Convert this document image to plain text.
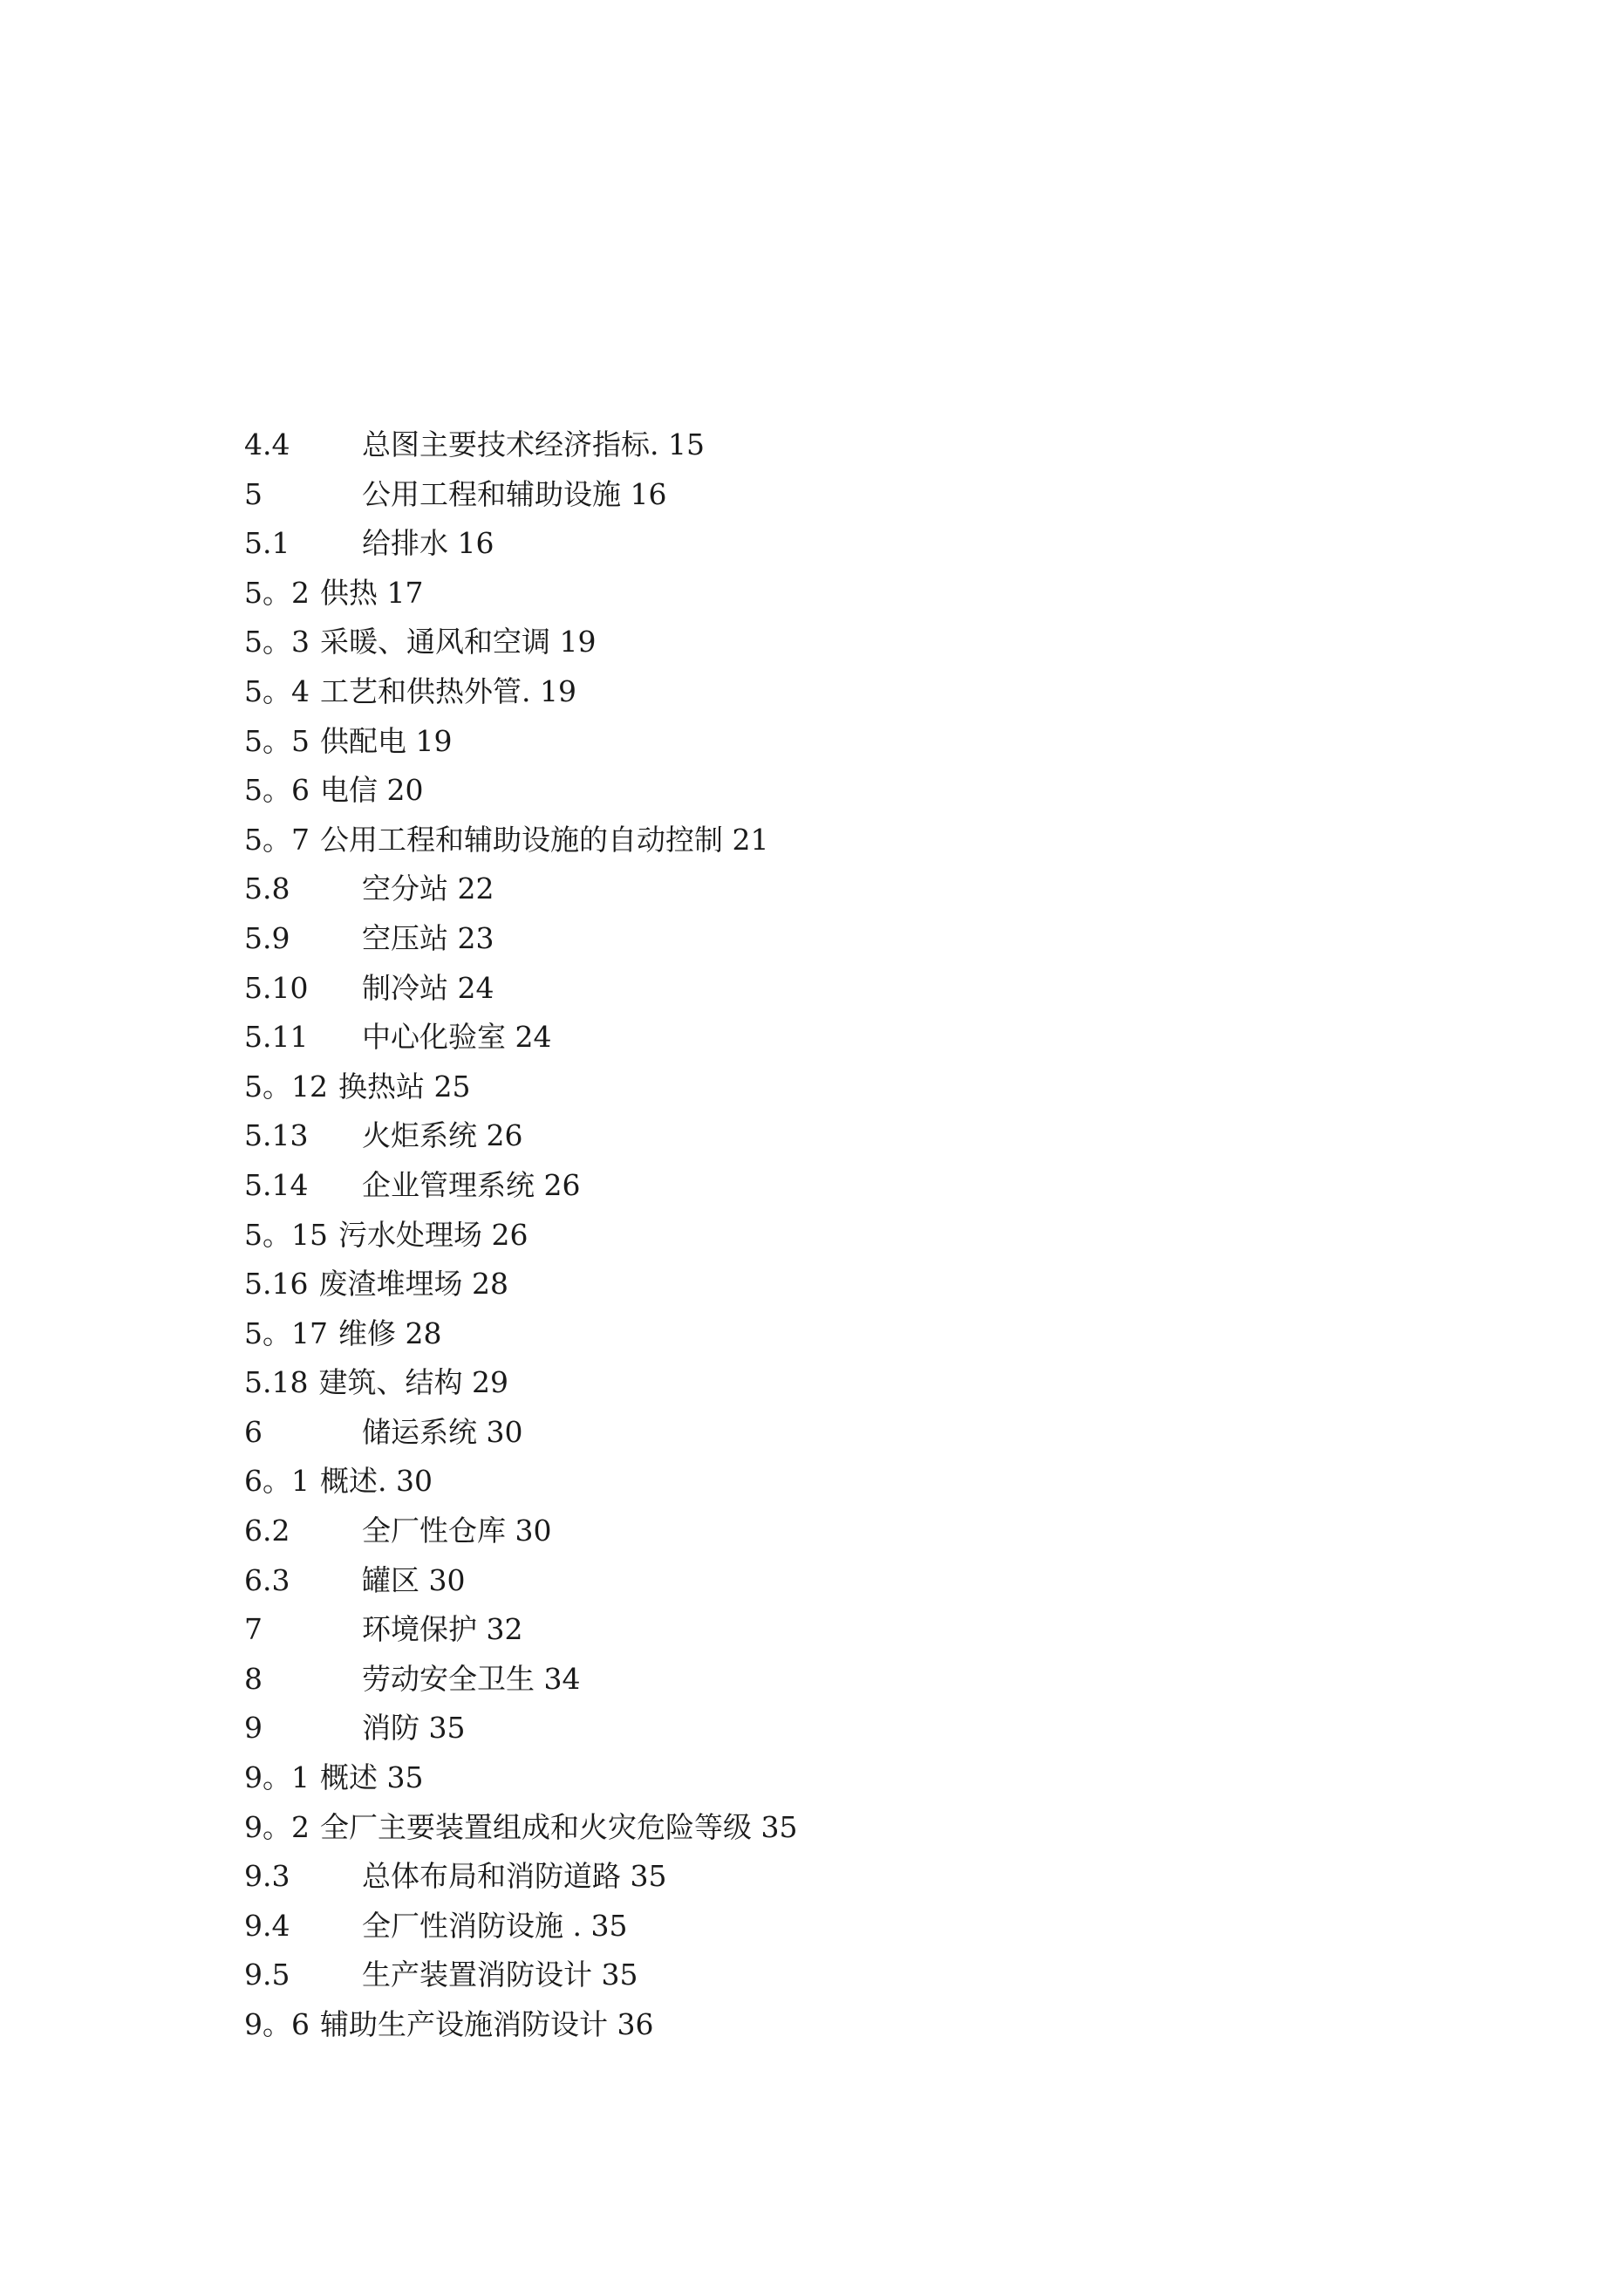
4.4	总图主要技术经济指标. 15
5	公用工程和辅助设施 16
5.1	给排水 16
5。2 供热 17
5。3 采暖、通风和空调 19
5。4 工艺和供热外管. 19
5。5 供配电 19
5。6 电信 20
5。7 公用工程和辅助设施的自动控制 21
5.8	空分站 22
5.9	空压站 23
5.10 制冷站 24
5.11 中心化验室 24
5。12 换热站 25
5.13 火炬系统 26
5.14 企业管理系统 26
5。15 污水处理场 26
5.16 废渣堆埋场 28
5。17 维修 28
5.18 建筑、结构 29
6	储运系统 30
6。1 概述. 30
6.2	全厂性仓库 30
6.3	罐区 30
7	环境保护 32
8	劳动安全卫生 34
9	消防 35
9。1 概述 35
9。2 全厂主要装置组成和火灾危险等级 35
9.3	总体布局和消防道路 35
9.4	全厂性消防设施 . 35
9.5	生产装置消防设计 35
9。6 辅助生产设施消防设计 36
